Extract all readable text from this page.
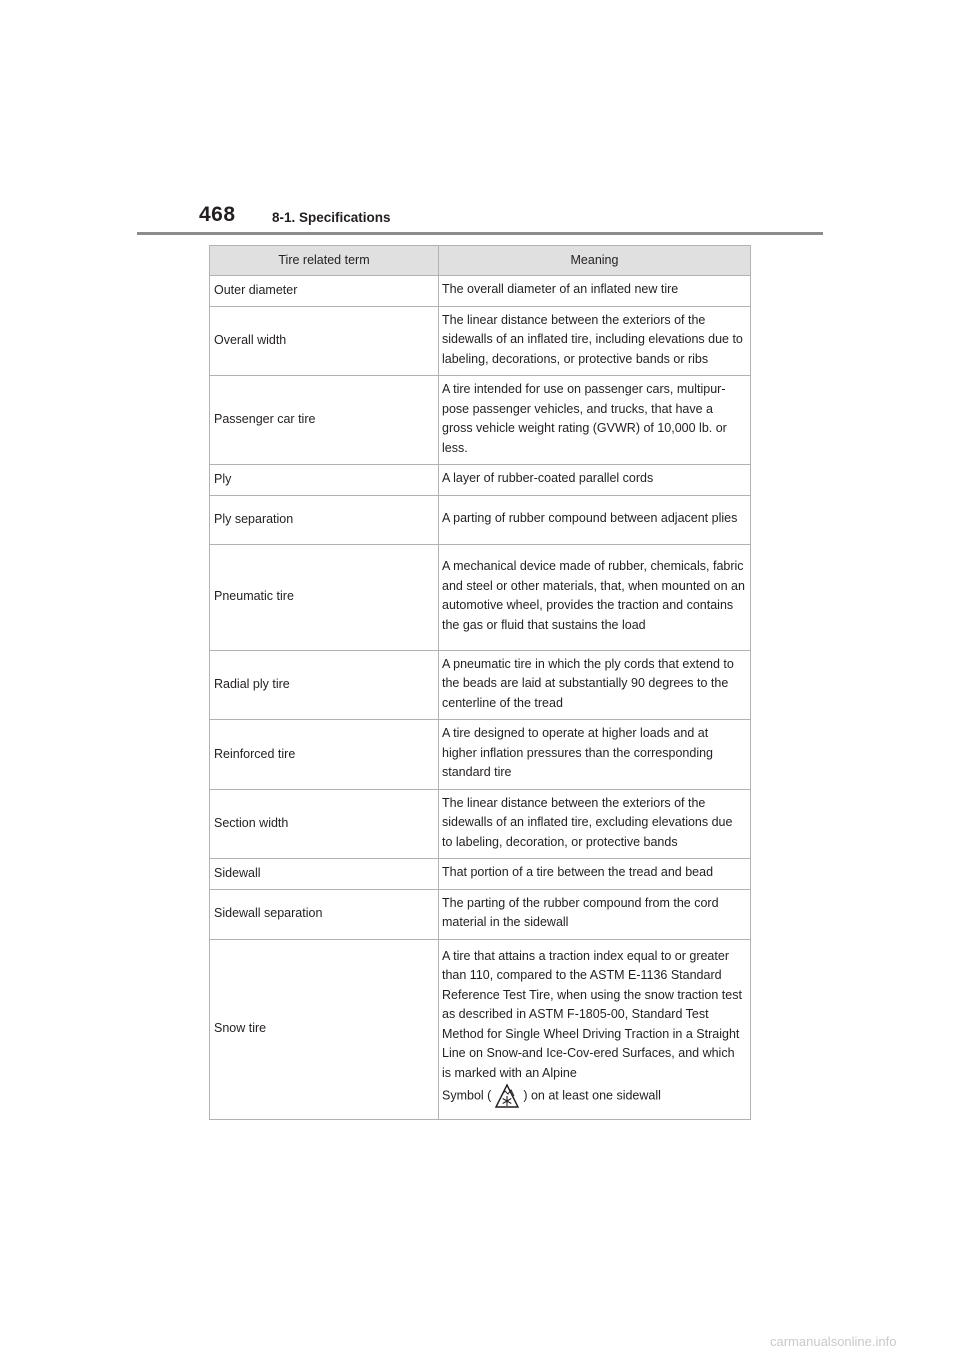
468	8-1. Specifications
Tire related term	Meaning
Outer diameter	The overall diameter of an inflated new tire
Overall width	The linear distance between the exteriors of the sidewalls of an inflated tire, including elevations due to labeling, decorations, or protective bands or ribs
Passenger car tire	A tire intended for use on passenger cars, multipur-pose passenger vehicles, and trucks, that have a gross vehicle weight rating (GVWR) of 10,000 lb. or less.
Ply	A layer of rubber-coated parallel cords
Ply separation	A parting of rubber compound between adjacent plies
Pneumatic tire	A mechanical device made of rubber, chemicals, fabric and steel or other materials, that, when mounted on an automotive wheel, provides the traction and contains the gas or fluid that sustains the load
Radial ply tire	A pneumatic tire in which the ply cords that extend to the beads are laid at substantially 90 degrees to the centerline of the tread
Reinforced tire	A tire designed to operate at higher loads and at higher inflation pressures than the corresponding standard tire
Section width	The linear distance between the exteriors of the sidewalls of an inflated tire, excluding elevations due to labeling, decoration, or protective bands
Sidewall	That portion of a tire between the tread and bead
Sidewall separation	The parting of the rubber compound from the cord material in the sidewall
Snow tire	A tire that attains a traction index equal to or greater than 110, compared to the ASTM E-1136 Standard Reference Test Tire, when using the snow traction test as described in ASTM F-1805-00, Standard Test Method for Single Wheel Driving Traction in a Straight Line on Snow-and Ice-Cov-ered Surfaces, and which is marked with an Alpine
Symbol ( ) on at least one sidewall
carmanualsonline.info
